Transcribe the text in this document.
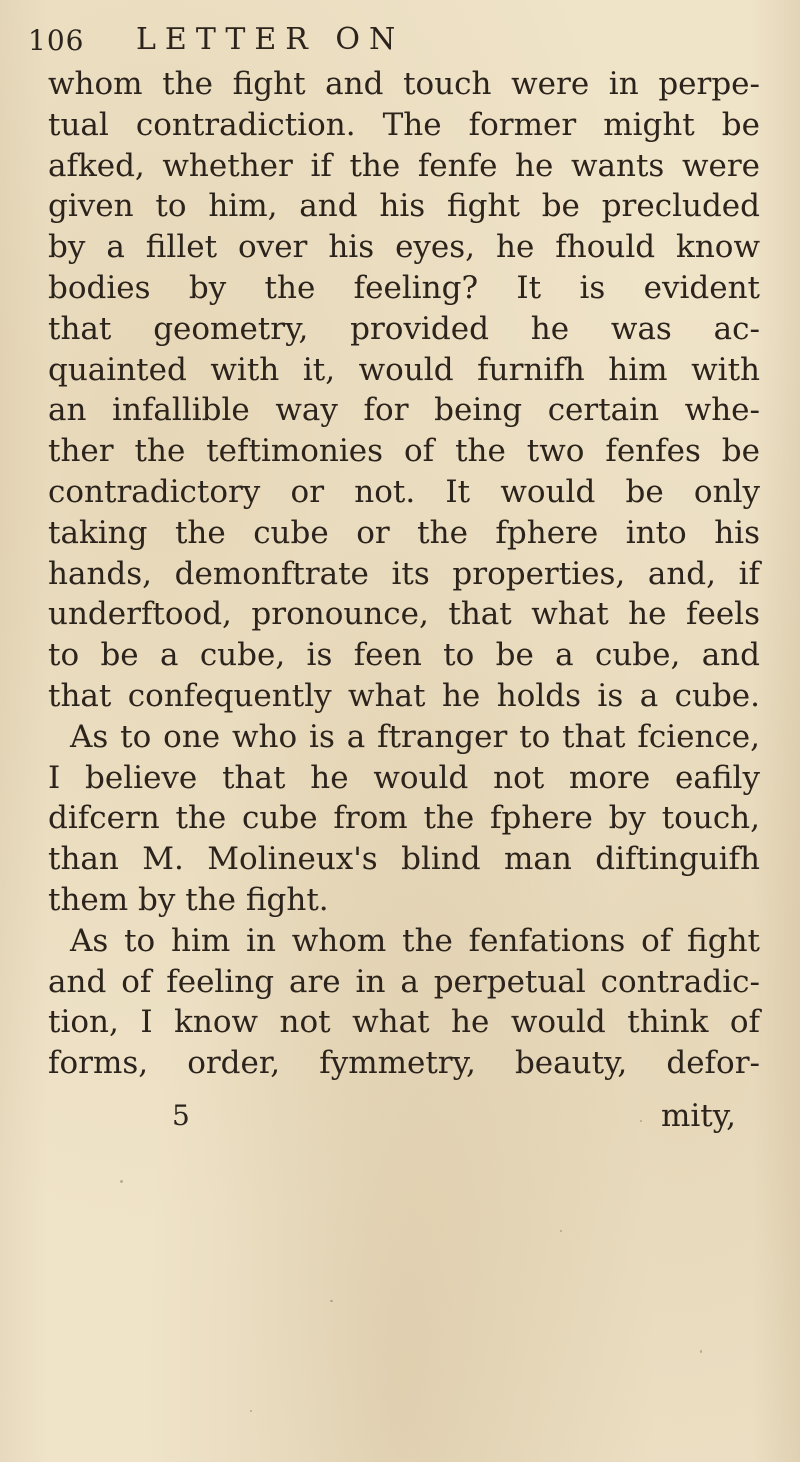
106 LETTER ON
whom the fight and touch were in perpe-
tual contradiction. The former might be
afked, whether if the fenfe he wants were
given to him, and his fight be precluded
by a fillet over his eyes, he fhould know
bodies by the feeling? It is evident
that geometry, provided he was ac-
quainted with it, would furnifh him with
an infallible way for being certain whe-
ther the teftimonies of the two fenfes be
contradictory or not. It would be only
taking the cube or the fphere into his
hands, demonftrate its properties, and, if
underftood, pronounce, that what he feels
to be a cube, is feen to be a cube, and
that confequently what he holds is a cube.
As to one who is a ftranger to that fcience,
I believe that he would not more eafily
difcern the cube from the fphere by touch,
than M. Molineux's blind man diftinguifh
them by the fight.
As to him in whom the fenfations of fight
and of feeling are in a perpetual contradic-
tion, I know not what he would think of
forms, order, fymmetry, beauty, defor-
5	mity,
